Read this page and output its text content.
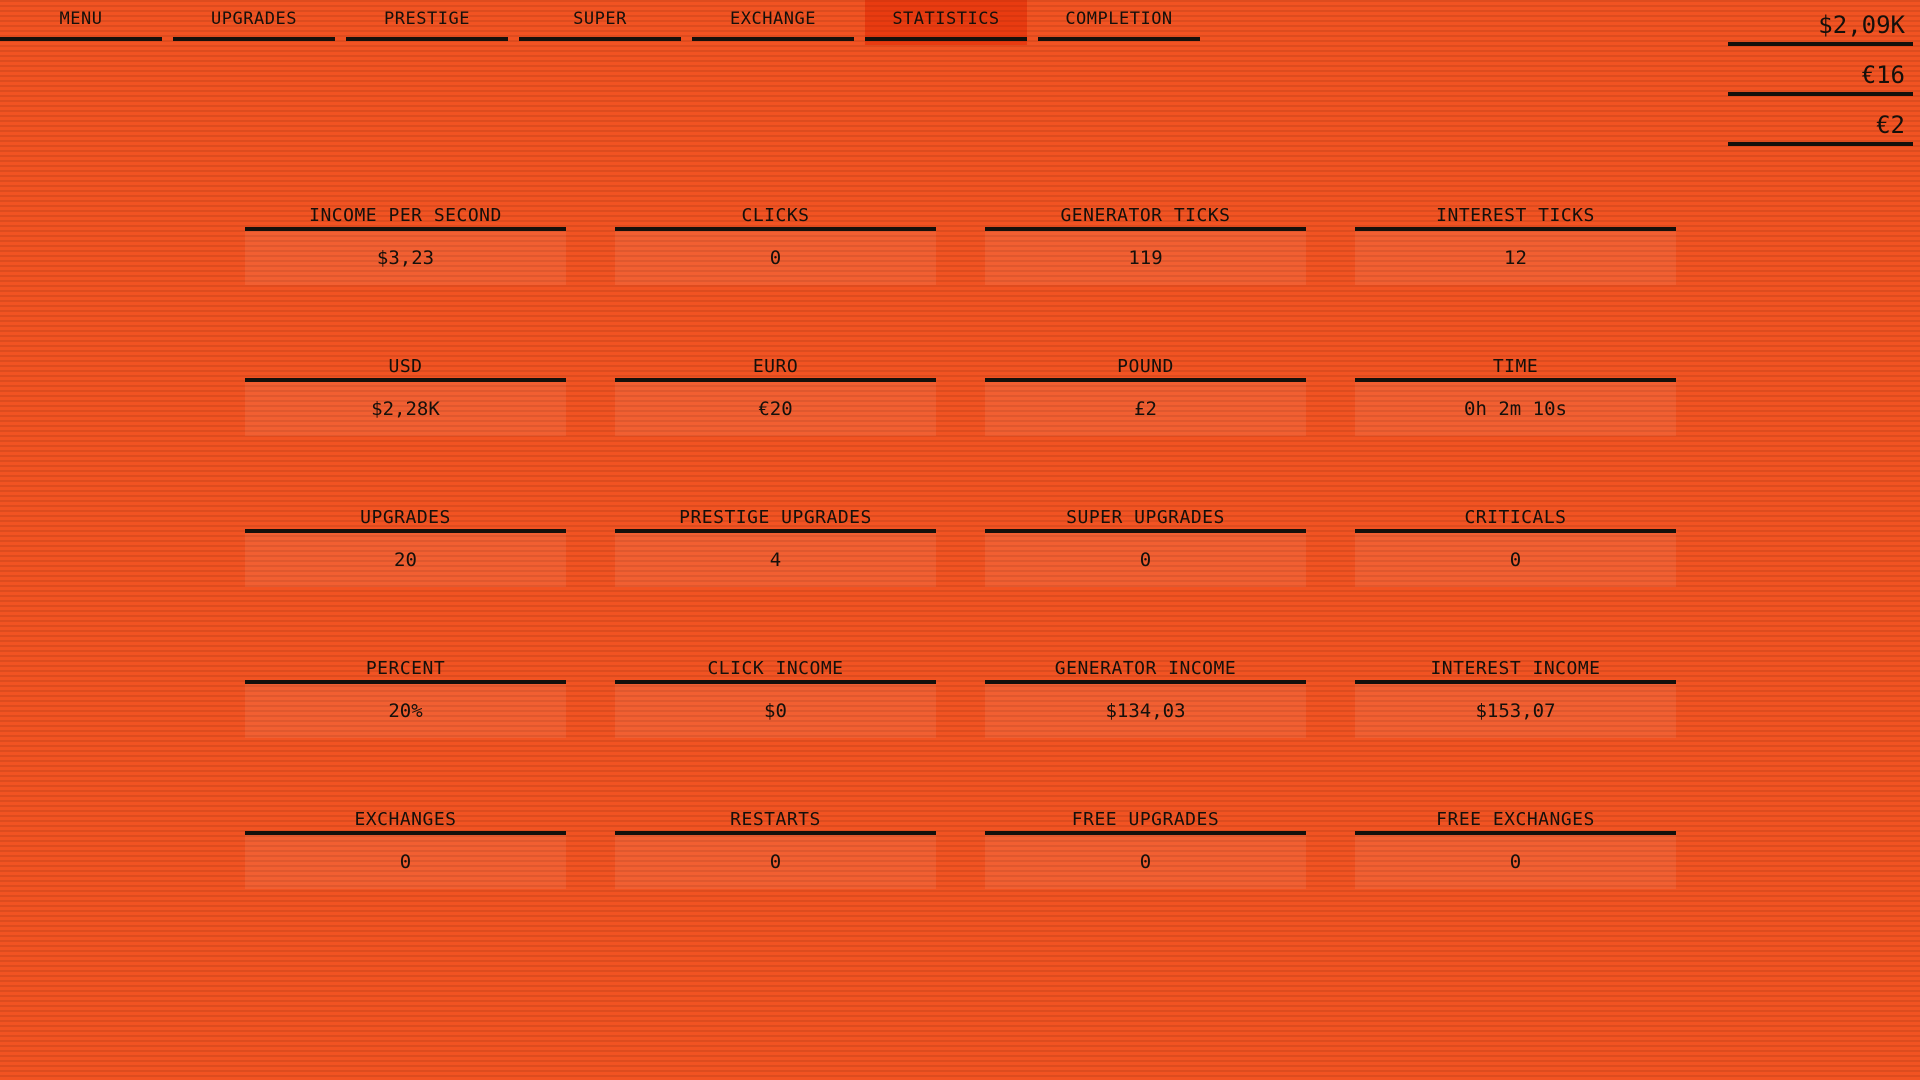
MENU	UPGRADES	PRESTIGE	SUPER	EXCHANGE	STATISTICS	COMPLETION	$2,09K
€16
€2
INCOME PER SECOND
$3,23
CLICKS
0
GENERATOR TICKS
119
INTEREST TICKS
12
USD
$2,28K
EURO
€20
POUND
£2
TIME
0h 2m 10s
UPGRADES
20
PRESTIGE UPGRADES
4
SUPER UPGRADES
0
CRITICALS
0
PERCENT
20%
CLICK INCOME
$0
GENERATOR INCOME
$134,03
INTEREST INCOME
$153,07
EXCHANGES
0
RESTARTS
0
FREE UPGRADES
0
FREE EXCHANGES
0
